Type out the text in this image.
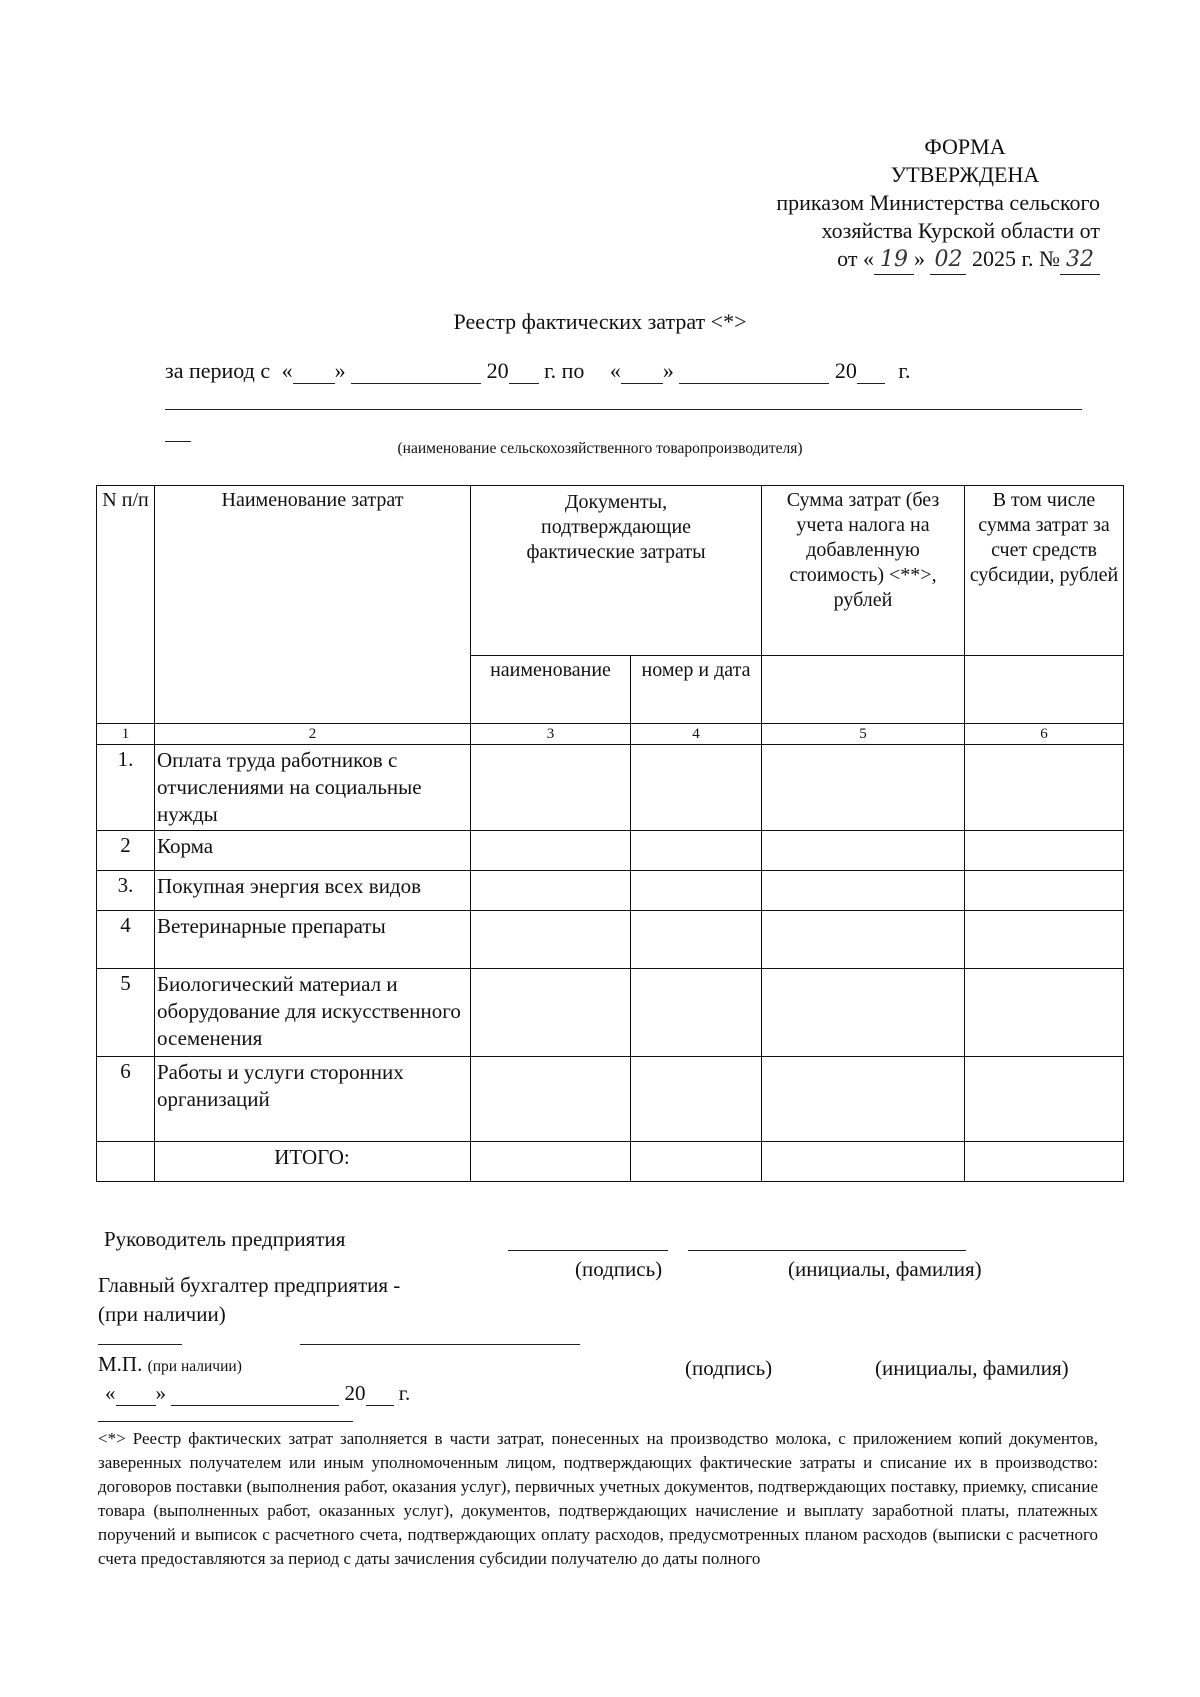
ФОРМА
УТВЕРЖДЕНА
приказом Министерства сельского
хозяйства Курской области от
от « 19 » 02 2025 г. № 32
Реестр фактических затрат <*>
за период с « »	20 г. по « »	20 г.
(наименование сельскохозяйственного товаропроизводителя)
N п/п	Наименование затрат	Документы, подтверждающие фактические затраты		Сумма затрат (без учета налога на добавленную стоимость) <**>, рублей	В том числе сумма затрат за счет средств субсидии, рублей
		наименование	номер и дата		
1	2	3	4	5	6
1.	Оплата труда работников с отчислениями на социальные нужды				
2	Корма				
3.	Покупная энергия всех видов				
4	Ветеринарные препараты				
5	Биологический материал и оборудование для искусственного осеменения				
6	Работы и услуги сторонних организаций				
	ИТОГО:				
Руководитель предприятия
(подпись)	(инициалы, фамилия)
Главный бухгалтер предприятия -
(при наличии)
М.П. (при наличии)	(подпись)	(инициалы, фамилия)
« »	20 г.
<*> Реестр фактических затрат заполняется в части затрат, понесенных на производство молока, с приложением копий документов, заверенных получателем или иным уполномоченным лицом, подтверждающих фактические затраты и списание их в производство: договоров поставки (выполнения работ, оказания услуг), первичных учетных документов, подтверждающих поставку, приемку, списание товара (выполненных работ, оказанных услуг), документов, подтверждающих начисление и выплату заработной платы, платежных поручений и выписок с расчетного счета, подтверждающих оплату расходов, предусмотренных планом расходов (выписки с расчетного счета предоставляются за период с даты зачисления субсидии получателю до даты полного
